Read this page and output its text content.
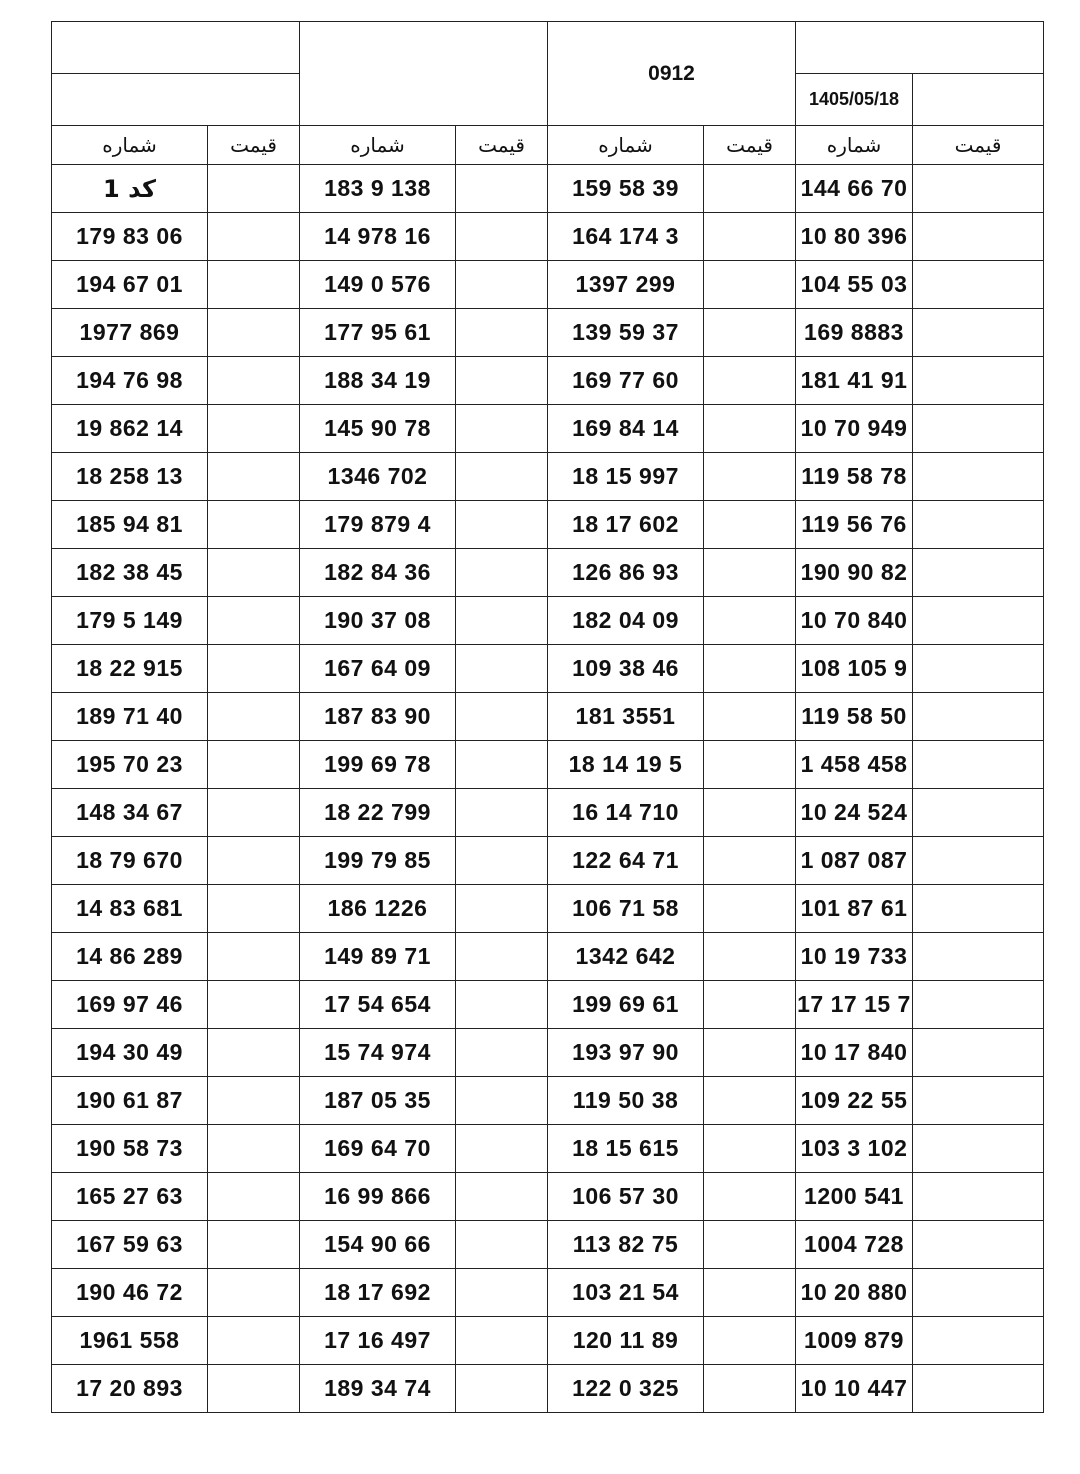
				0912			
						1405/05/18	
شماره	قیمت	شماره	قیمت	شماره	قیمت	شماره	قیمت
کد 1		183 9 138		159 58 39		144 66 70	
179 83 06		14 978 16		164 174 3		10 80 396	
194 67 01		149 0 576		1397 299		104 55 03	
1977 869		177 95 61		139 59 37		169 8883	
194 76 98		188 34 19		169 77 60		181 41 91	
19 862 14		145 90 78		169 84 14		10 70 949	
18 258 13		1346 702		18 15 997		119 58 78	
185 94 81		179 879 4		18 17 602		119 56 76	
182 38 45		182 84 36		126 86 93		190 90 82	
179 5 149		190 37 08		182 04 09		10 70 840	
18 22 915		167 64 09		109 38 46		108 105 9	
189 71 40		187 83 90		181 3551		119 58 50	
195 70 23		199 69 78		18 14 19 5		1 458 458	
148 34 67		18 22 799		16 14 710		10 24 524	
18 79 670		199 79 85		122 64 71		1 087 087	
14 83 681		186 1226		106 71 58		101 87 61	
14 86 289		149 89 71		1342 642		10 19 733	
169 97 46		17 54 654		199 69 61		17 17 15 7	
194 30 49		15 74 974		193 97 90		10 17 840	
190 61 87		187 05 35		119 50 38		109 22 55	
190 58 73		169 64 70		18 15 615		103 3 102	
165 27 63		16 99 866		106 57 30		1200 541	
167 59 63		154 90 66		113 82 75		1004 728	
190 46 72		18 17 692		103 21 54		10 20 880	
1961 558		17 16 497		120 11 89		1009 879	
17 20 893		189 34 74		122 0 325		10 10 447	
